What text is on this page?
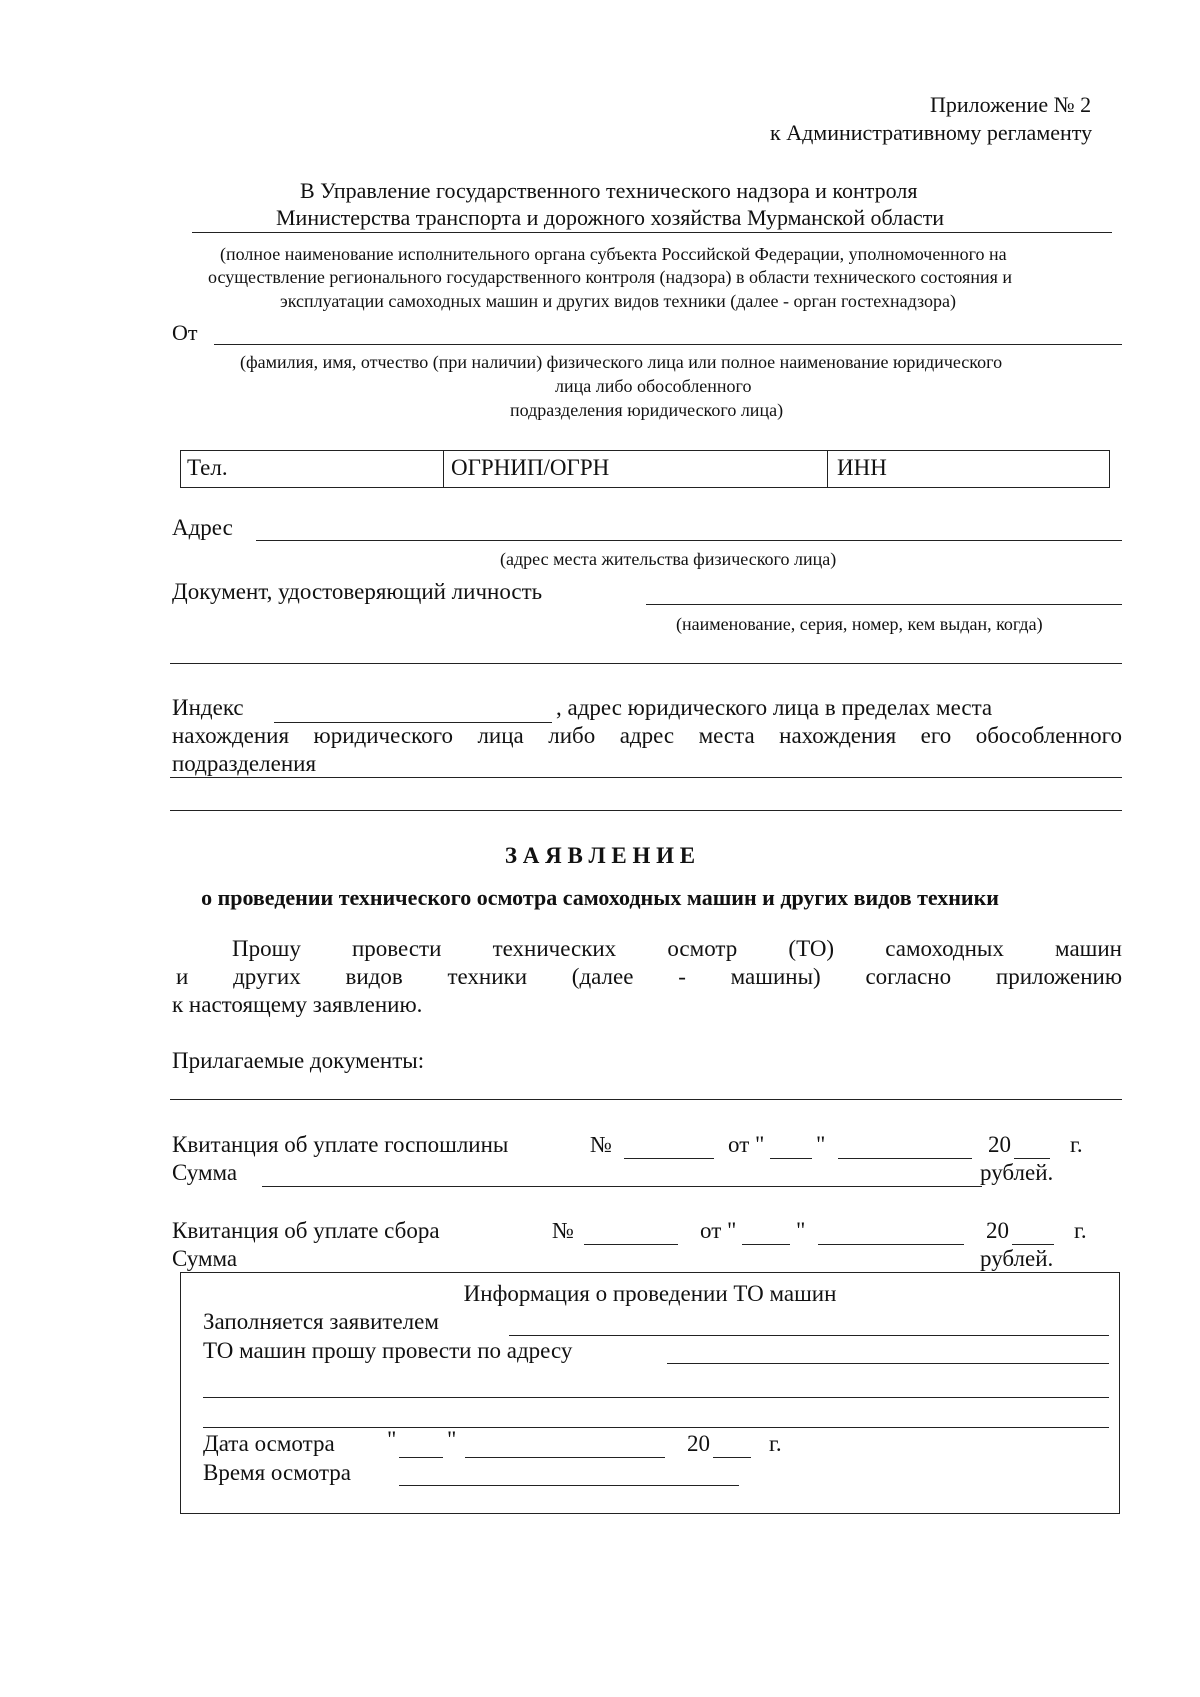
Приложение № 2
к Административному регламенту
В Управление государственного технического надзора и контроля
Министерства транспорта и дорожного хозяйства Мурманской области
(полное наименование исполнительного органа субъекта Российской Федерации, уполномоченного на
осуществление регионального государственного контроля (надзора) в области технического состояния и
эксплуатации самоходных машин и других видов техники (далее - орган гостехнадзора)
От
(фамилия, имя, отчество (при наличии) физического лица или полное наименование юридического
лица либо обособленного
подразделения юридического лица)
Тел.	ОГРНИП/ОГРН	ИНН
Адрес
(адрес места жительства физического лица)
Документ, удостоверяющий личность
(наименование, серия, номер, кем выдан, когда)
Индекс	, адрес юридического лица в пределах места
нахождения юридического лица либо адрес места нахождения его обособленного
подразделения
З А Я В Л Е Н И Е
о проведении технического осмотра самоходных машин и других видов техники
Прошу провести технических осмотр (ТО) самоходных машин
и других видов техники (далее - машины) согласно приложению
к настоящему заявлению.
Прилагаемые документы:
Квитанция об уплате госпошлины	№	от " "	20	г.
Сумма	рублей.
Квитанция об уплате сбора	№	от "	"	20	г.
Сумма	рублей.
Информация о проведении ТО машин
Заполняется заявителем
ТО машин прошу провести по адресу
Дата осмотра " "	20	г.
Время осмотра
